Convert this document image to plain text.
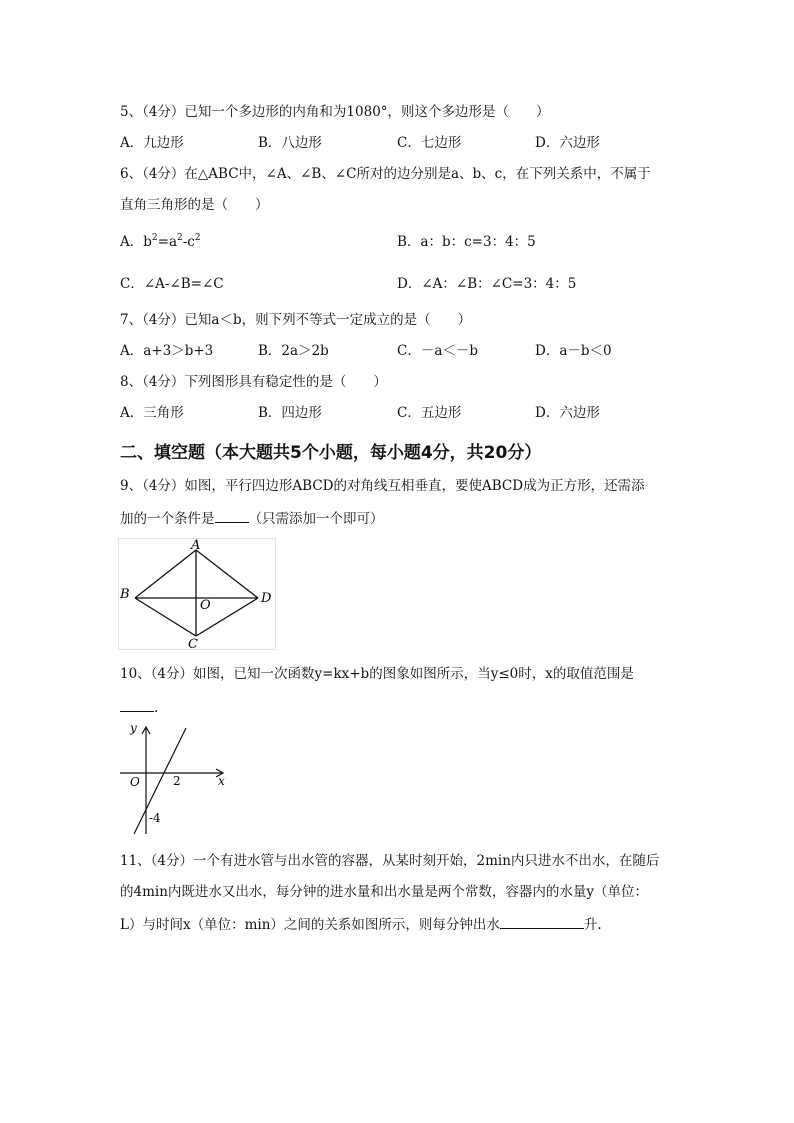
5、（4分）已知一个多边形的内角和为1080°，则这个多边形是（　　）
A．九边形	B．八边形	C．七边形	D．六边形
6、（4分）在△ABC中，∠A、∠B、∠C所对的边分别是a、b、c，在下列关系中，不属于
直角三角形的是（　　）
A．$b^2=a^2-c^2$	B．a：b：c=3：4：5
C．∠A-∠B=∠C	D．∠A：∠B：∠C=3：4：5
7、（4分）已知a＜b，则下列不等式一定成立的是（　　）
A．a+3＞b+3	B．2a＞2b	C．－a＜－b	D．a－b＜0
8、（4分）下列图形具有稳定性的是（　　）
A．三角形	B．四边形	C．五边形	D．六边形
二、填空题（本大题共5个小题，每小题4分，共20分）
9、（4分）如图，平行四边形ABCD的对角线互相垂直，要使ABCD成为正方形，还需添
加的一个条件是	（只需添加一个即可）
A
B	D
C
O
10、（4分）如图，已知一次函数y=kx+b的图象如图所示，当y≤0时，x的取值范围是
.
y
x
O	2
-4
11、（4分）一个有进水管与出水管的容器，从某时刻开始，2min内只进水不出水，在随后
的4min内既进水又出水，每分钟的进水量和出水量是两个常数，容器内的水量y（单位：
L）与时间x（单位：min）之间的关系如图所示，则每分钟出水	升.
